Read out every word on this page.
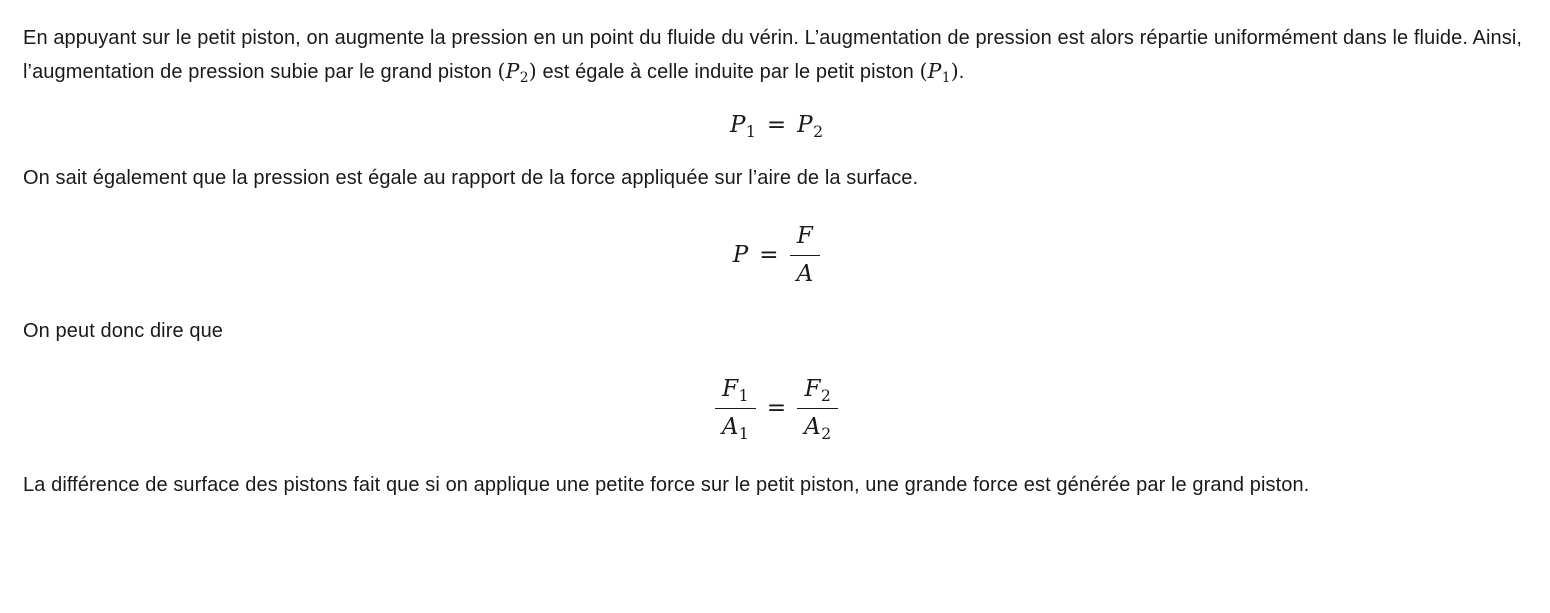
En appuyant sur le petit piston, on augmente la pression en un point du fluide du vérin. L’augmentation de pression est alors répartie uniformément dans le fluide. Ainsi, l’augmentation de pression subie par le grand piston $(P_2)$ est égale à celle induite par le petit piston $(P_1)$.

$P_1 = P_2$

On sait également que la pression est égale au rapport de la force appliquée sur l’aire de la surface.

$P = \frac{F}{A}$

On peut donc dire que

$\frac{F_1}{A_1} = \frac{F_2}{A_2}$

La différence de surface des pistons fait que si on applique une petite force sur le petit piston, une grande force est générée par le grand piston.
